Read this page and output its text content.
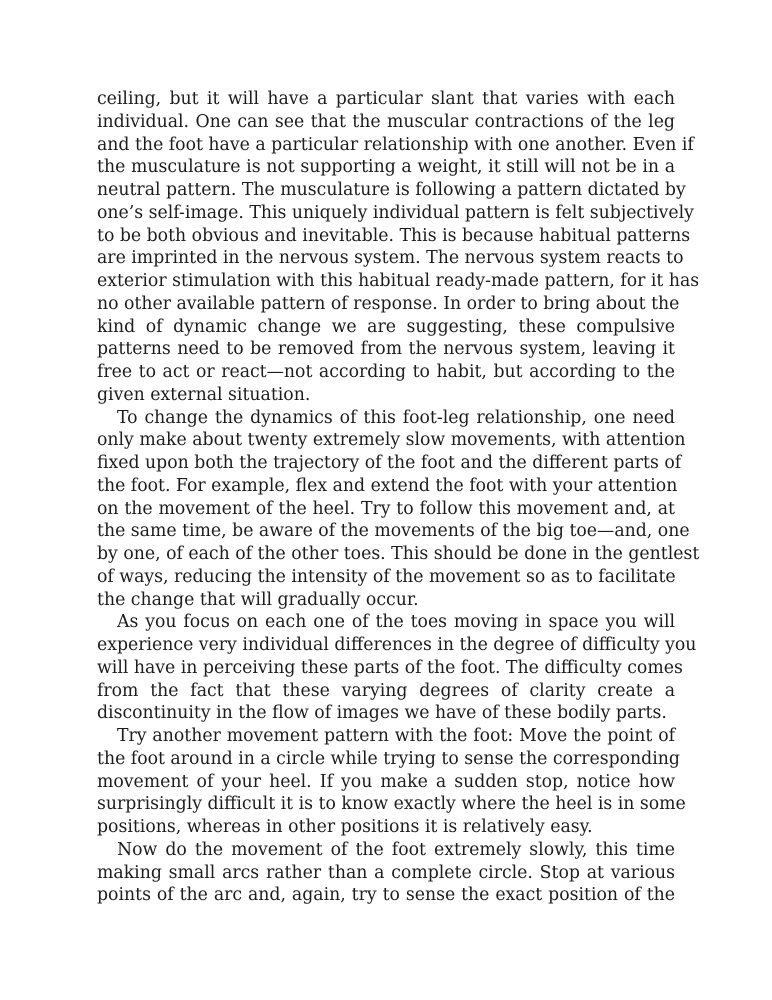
ceiling, but it will have a particular slant that varies with each
individual. One can see that the muscular contractions of the leg
and the foot have a particular relationship with one another. Even if
the musculature is not supporting a weight, it still will not be in a
neutral pattern. The musculature is following a pattern dictated by
one’s self-image. This uniquely individual pattern is felt subjectively
to be both obvious and inevitable. This is because habitual patterns
are imprinted in the nervous system. The nervous system reacts to
exterior stimulation with this habitual ready-made pattern, for it has
no other available pattern of response. In order to bring about the
kind of dynamic change we are suggesting, these compulsive
patterns need to be removed from the nervous system, leaving it
free to act or react—not according to habit, but according to the
given external situation.
To change the dynamics of this foot-leg relationship, one need
only make about twenty extremely slow movements, with attention
fixed upon both the trajectory of the foot and the different parts of
the foot. For example, flex and extend the foot with your attention
on the movement of the heel. Try to follow this movement and, at
the same time, be aware of the movements of the big toe—and, one
by one, of each of the other toes. This should be done in the gentlest
of ways, reducing the intensity of the movement so as to facilitate
the change that will gradually occur.
As you focus on each one of the toes moving in space you will
experience very individual differences in the degree of difficulty you
will have in perceiving these parts of the foot. The difficulty comes
from the fact that these varying degrees of clarity create a
discontinuity in the flow of images we have of these bodily parts.
Try another movement pattern with the foot: Move the point of
the foot around in a circle while trying to sense the corresponding
movement of your heel. If you make a sudden stop, notice how
surprisingly difficult it is to know exactly where the heel is in some
positions, whereas in other positions it is relatively easy.
Now do the movement of the foot extremely slowly, this time
making small arcs rather than a complete circle. Stop at various
points of the arc and, again, try to sense the exact position of the
